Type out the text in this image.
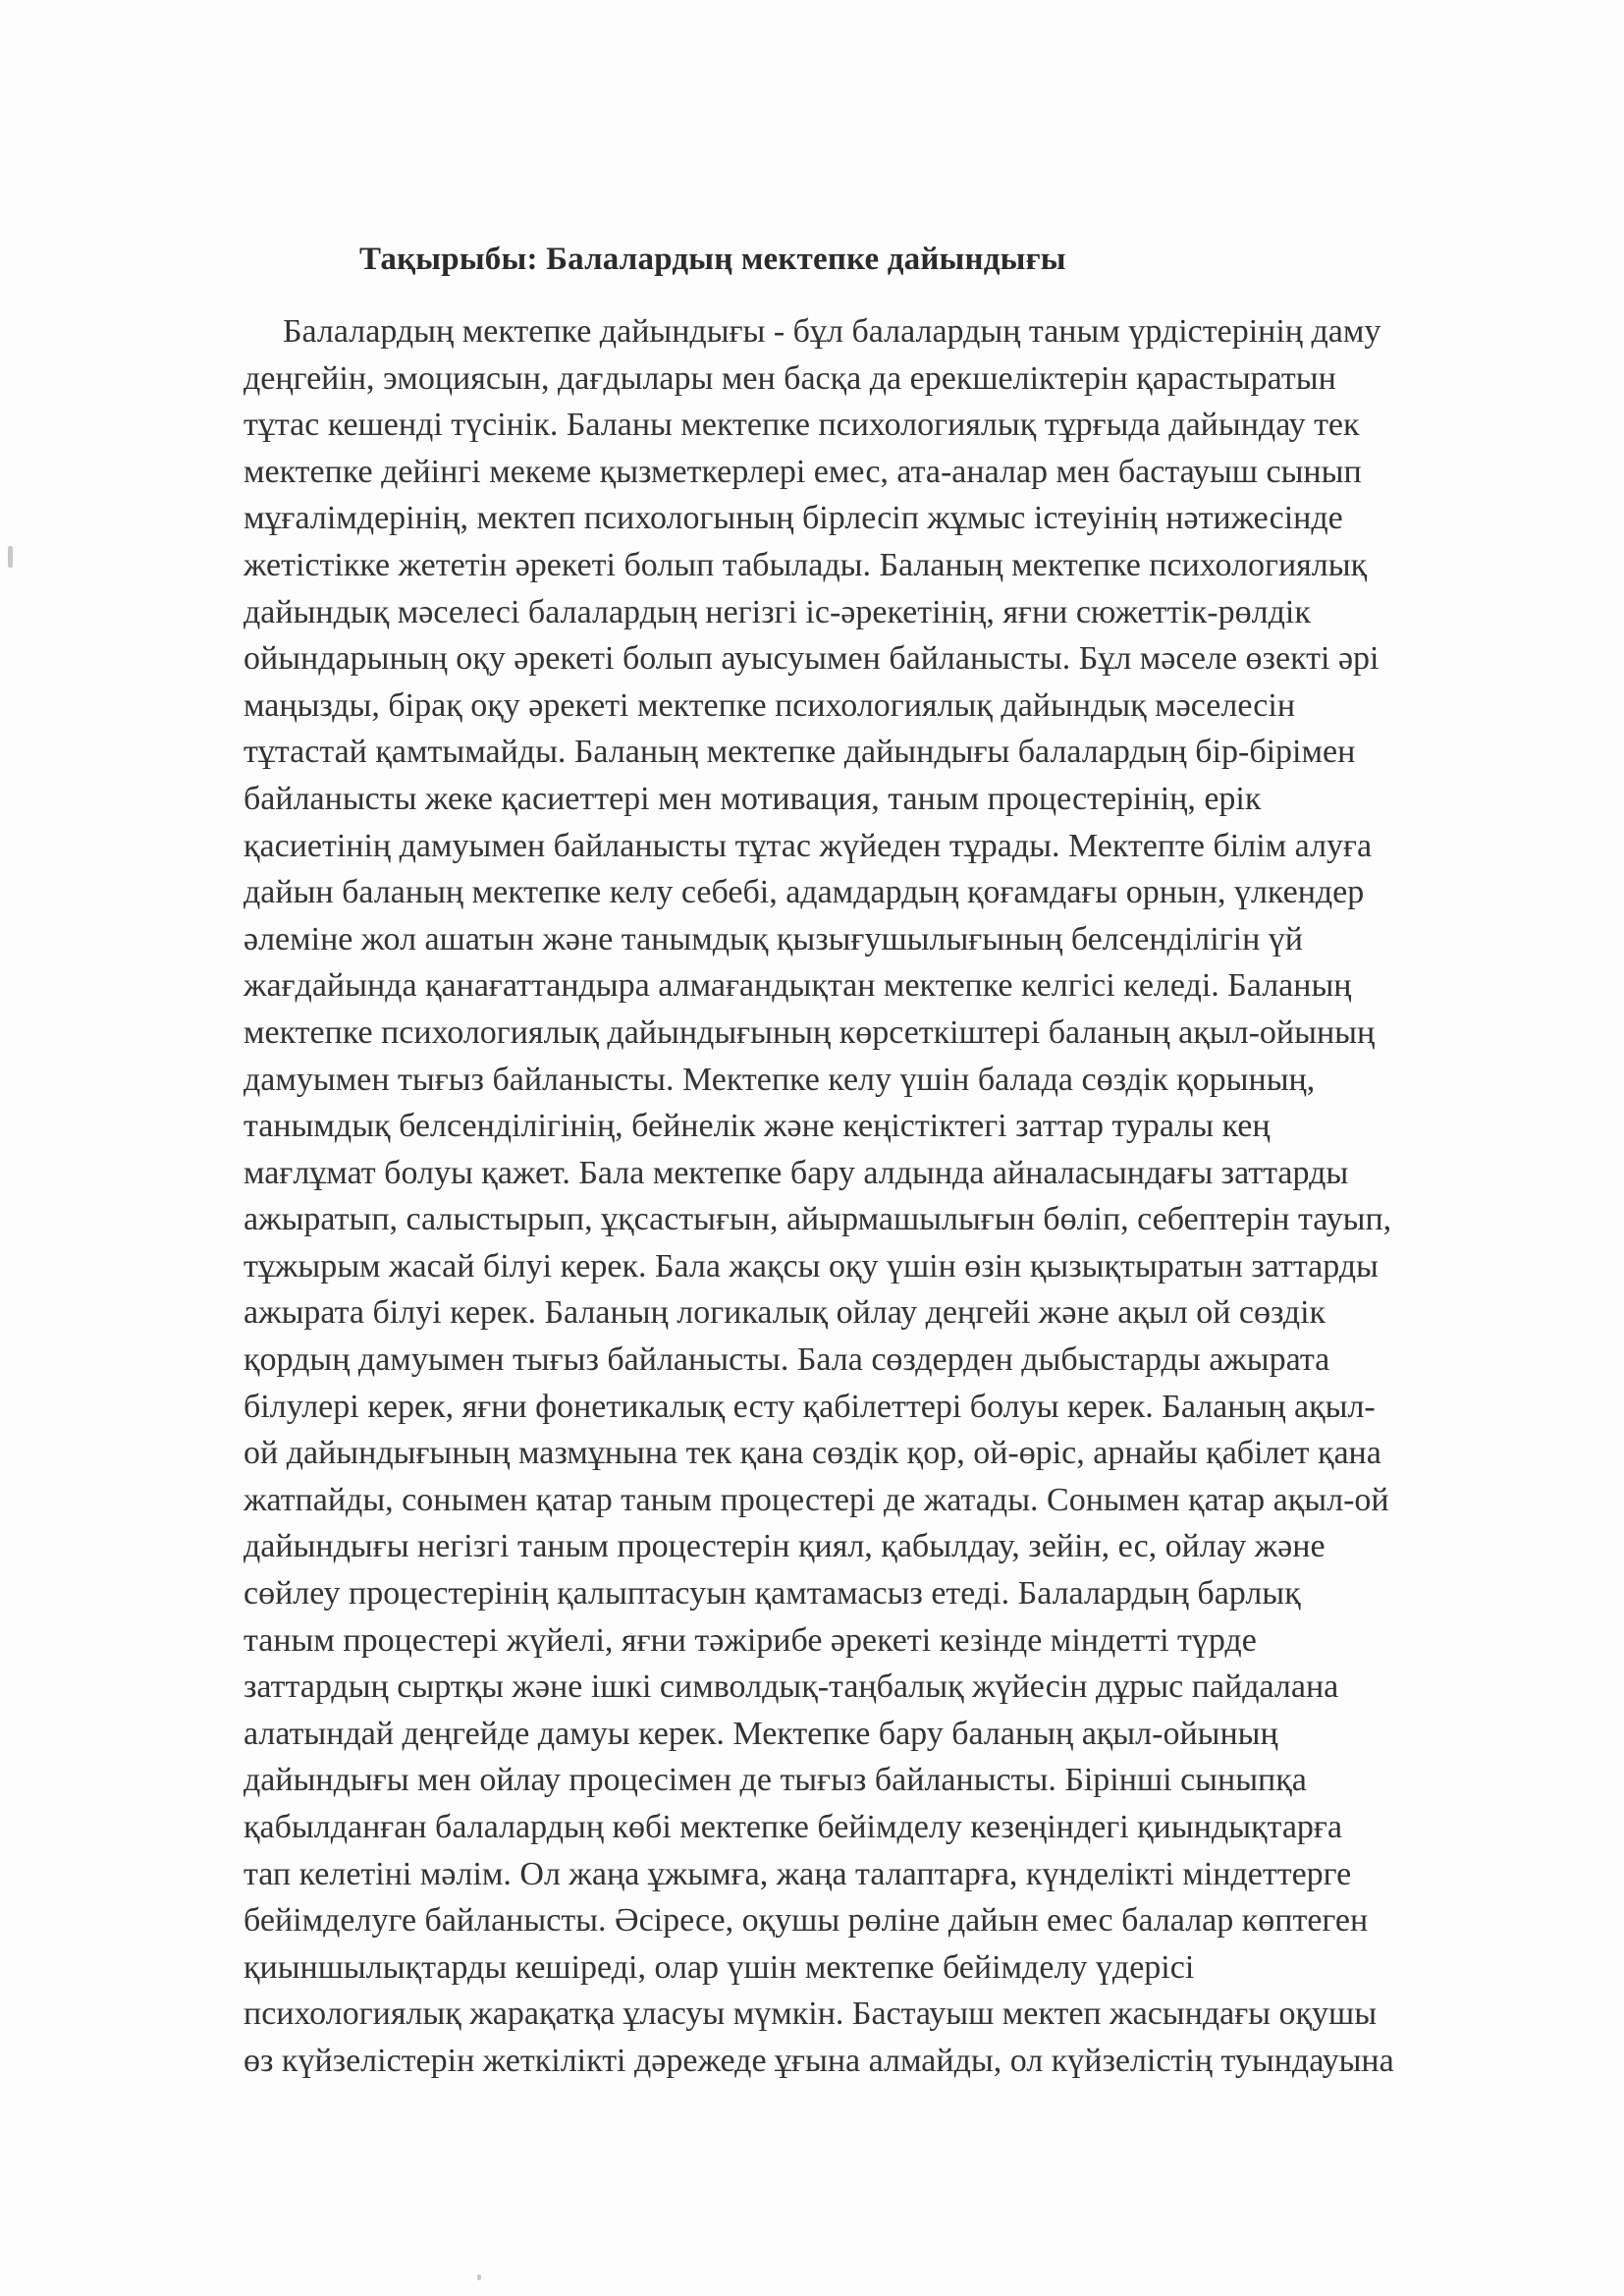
Тақырыбы: Балалардың мектепке дайындығы
Балалардың мектепке дайындығы - бұл балалардың таным үрдістерінің даму
деңгейін, эмоциясын, дағдылары мен басқа да ерекшеліктерін қарастыратын
тұтас кешенді түсінік. Баланы мектепке психологиялық тұрғыда дайындау тек
мектепке дейінгі мекеме қызметкерлері емес, ата-аналар мен бастауыш сынып
мұғалімдерінің, мектеп психологының бірлесіп жұмыс істеуінің нәтижесінде
жетістікке жететін әрекеті болып табылады. Баланың мектепке психологиялық
дайындық мәселесі балалардың негізгі іс-әрекетінің, яғни сюжеттік-рөлдік
ойындарының оқу әрекеті болып ауысуымен байланысты. Бұл мәселе өзекті әрі
маңызды, бірақ оқу әрекеті мектепке психологиялық дайындық мәселесін
тұтастай қамтымайды. Баланың мектепке дайындығы балалардың бір-бірімен
байланысты жеке қасиеттері мен мотивация, таным процестерінің, ерік
қасиетінің дамуымен байланысты тұтас жүйеден тұрады. Мектепте білім алуға
дайын баланың мектепке келу себебі, адамдардың қоғамдағы орнын, үлкендер
әлеміне жол ашатын және танымдық қызығушылығының белсенділігін үй
жағдайында қанағаттандыра алмағандықтан мектепке келгісі келеді. Баланың
мектепке психологиялық дайындығының көрсеткіштері баланың ақыл-ойының
дамуымен тығыз байланысты. Мектепке келу үшін балада сөздік қорының,
танымдық белсенділігінің, бейнелік және кеңістіктегі заттар туралы кең
мағлұмат болуы қажет. Бала мектепке бару алдында айналасындағы заттарды
ажыратып, салыстырып, ұқсастығын, айырмашылығын бөліп, себептерін тауып,
тұжырым жасай білуі керек. Бала жақсы оқу үшін өзін қызықтыратын заттарды
ажырата білуі керек. Баланың логикалық ойлау деңгейі және ақыл ой сөздік
қордың дамуымен тығыз байланысты. Бала сөздерден дыбыстарды ажырата
білулері керек, яғни фонетикалық есту қабілеттері болуы керек. Баланың ақыл-
ой дайындығының мазмұнына тек қана сөздік қор, ой-өріс, арнайы қабілет қана
жатпайды, сонымен қатар таным процестері де жатады. Сонымен қатар ақыл-ой
дайындығы негізгі таным процестерін қиял, қабылдау, зейін, ес, ойлау және
сөйлеу процестерінің қалыптасуын қамтамасыз етеді. Балалардың барлық
таным процестері жүйелі, яғни тәжірибе әрекеті кезінде міндетті түрде
заттардың сыртқы және ішкі символдық-таңбалық жүйесін дұрыс пайдалана
алатындай деңгейде дамуы керек. Мектепке бару баланың ақыл-ойының
дайындығы мен ойлау процесімен де тығыз байланысты. Бірінші сыныпқа
қабылданған балалардың көбі мектепке бейімделу кезеңіндегі қиындықтарға
тап келетіні мәлім. Ол жаңа ұжымға, жаңа талаптарға, күнделікті міндеттерге
бейімделуге байланысты. Әсіресе, оқушы рөліне дайын емес балалар көптеген
қиыншылықтарды кешіреді, олар үшін мектепке бейімделу үдерісі
психологиялық жарақатқа ұласуы мүмкін. Бастауыш мектеп жасындағы оқушы
өз күйзелістерін жеткілікті дәрежеде ұғына алмайды, ол күйзелістің туындауына
